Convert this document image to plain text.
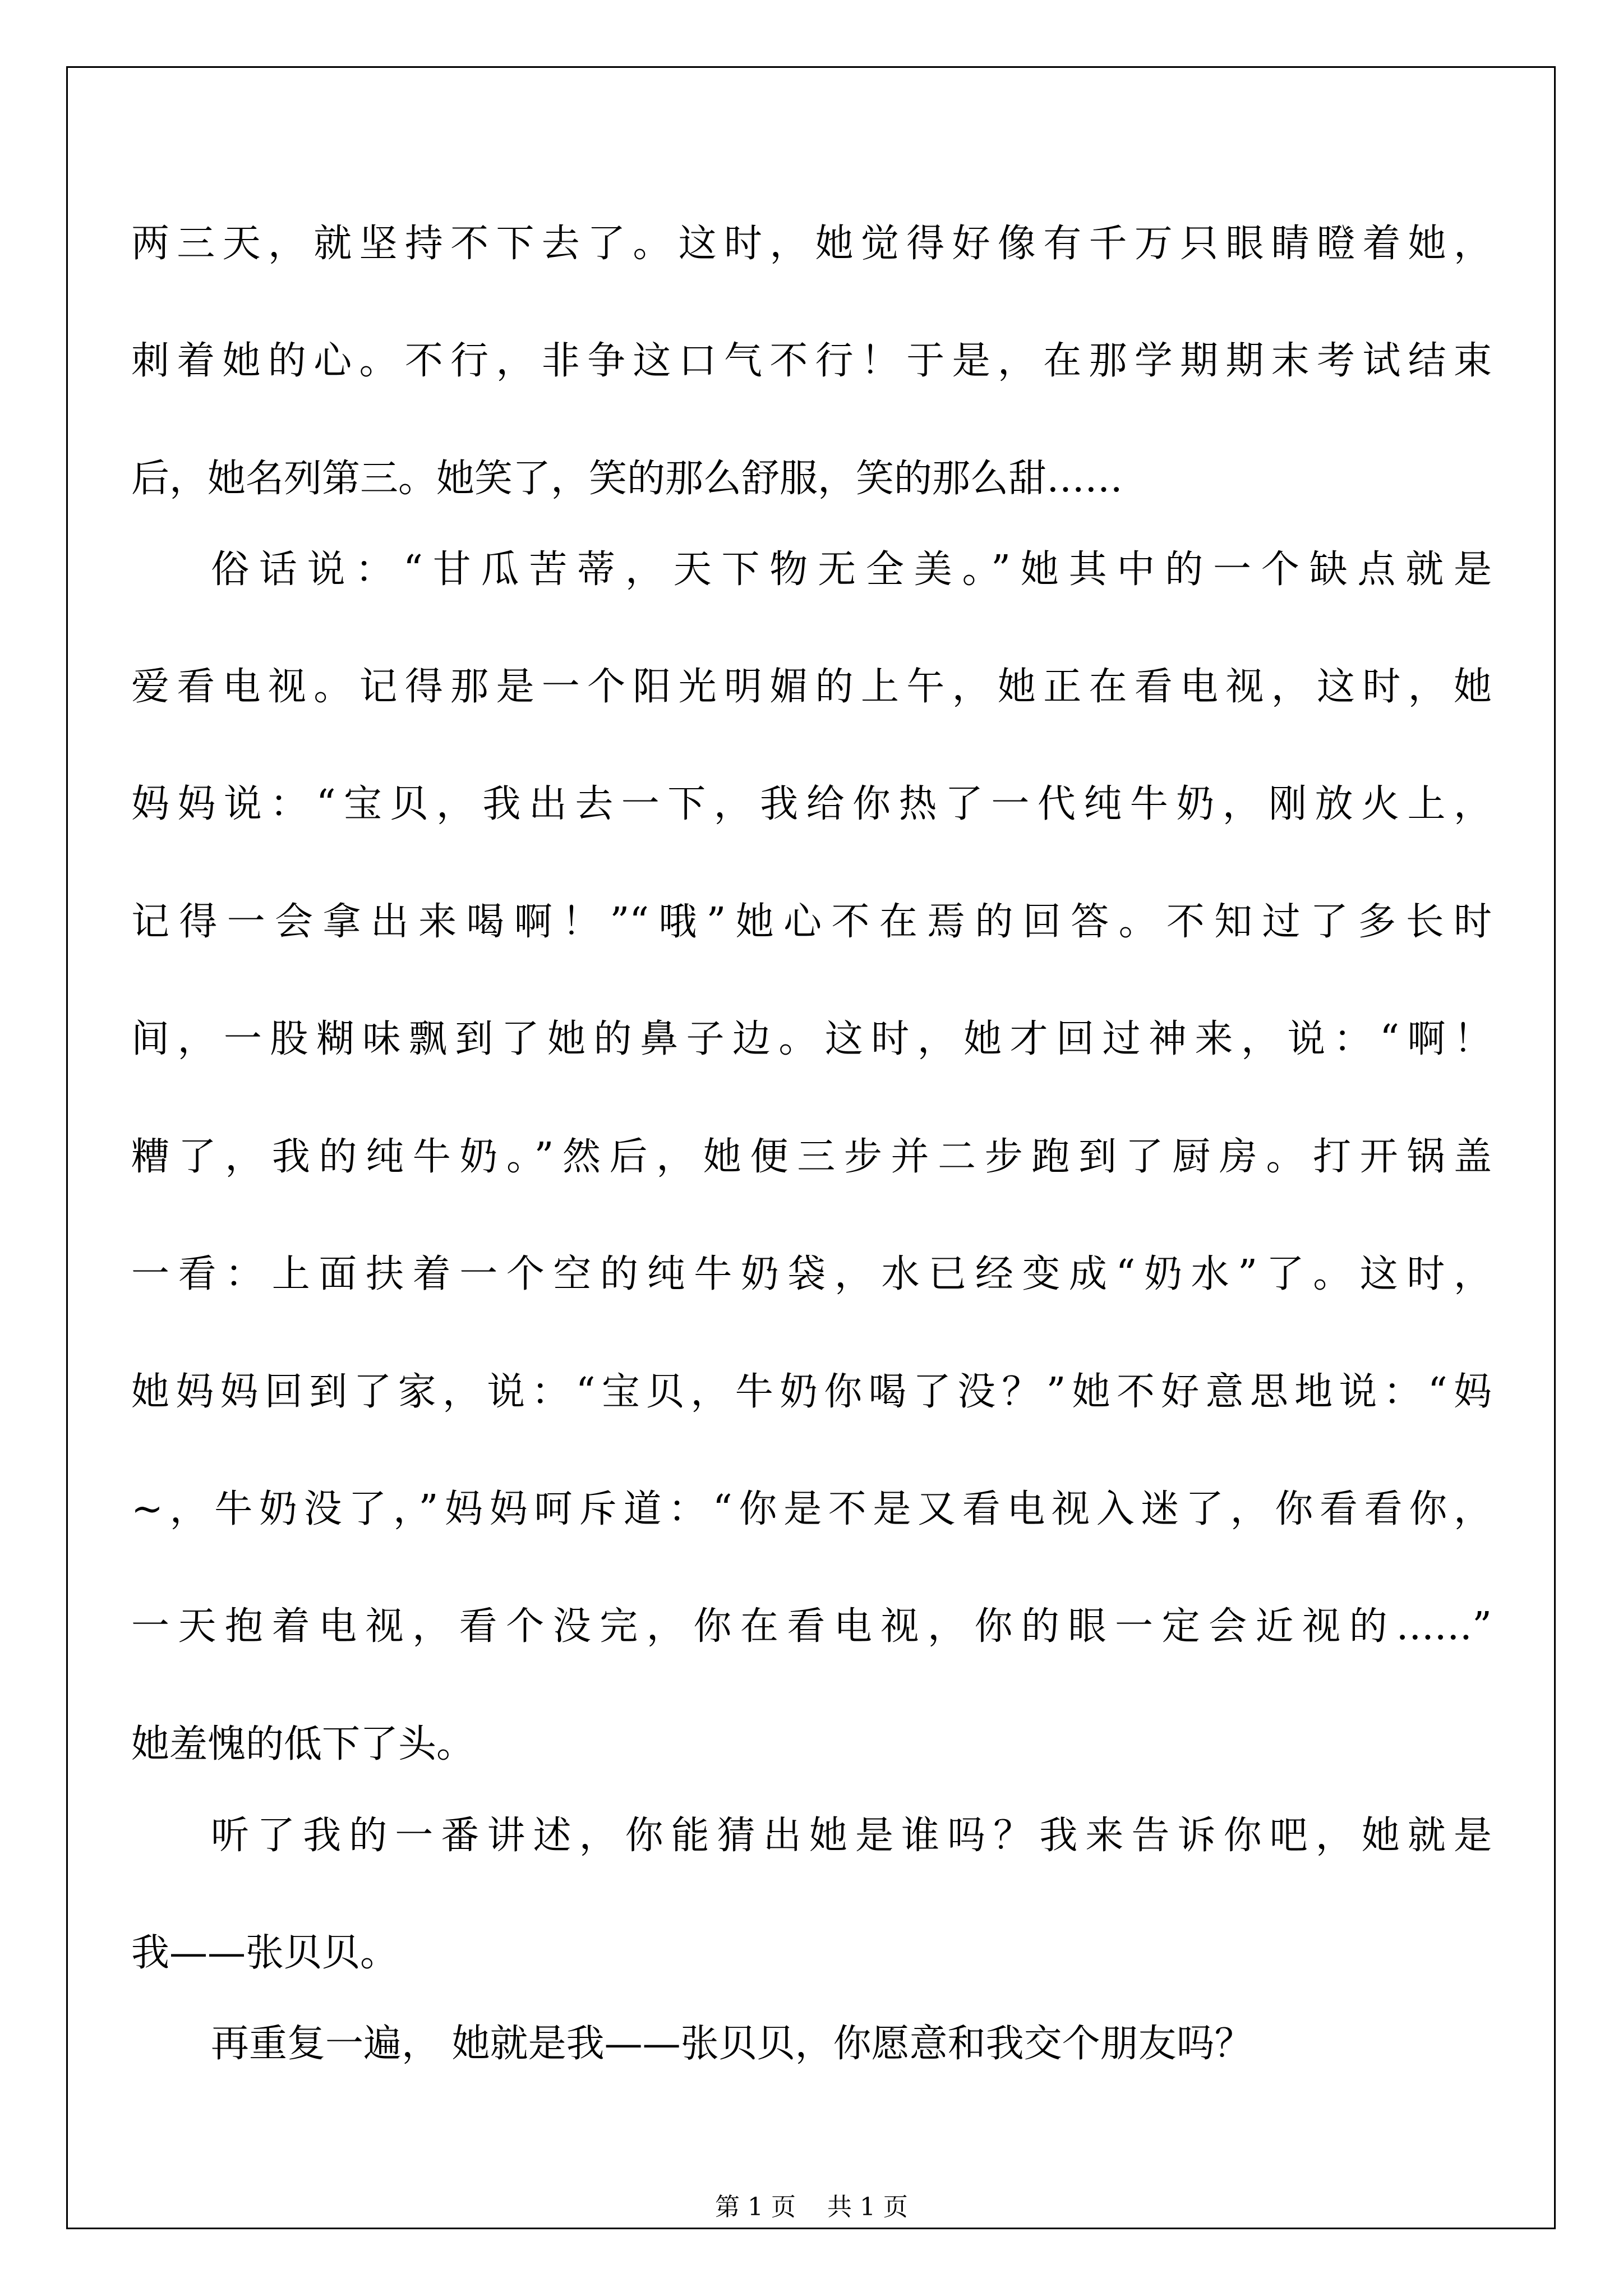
两三天，就坚持不下去了。这时，她觉得好像有千万只眼睛瞪着她，
刺着她的心。不行，非争这口气不行！于是，在那学期期末考试结束
后，她名列第三。她笑了，笑的那么舒服，笑的那么甜……
俗话说：“甘瓜苦蒂，天下物无全美。”她其中的一个缺点就是
爱看电视。记得那是一个阳光明媚的上午，她正在看电视，这时，她
妈妈说：“宝贝，我出去一下，我给你热了一代纯牛奶，刚放火上，
记得一会拿出来喝啊！”“哦”她心不在焉的回答。不知过了多长时
间，一股糊味飘到了她的鼻子边。这时，她才回过神来，说：“啊！
糟了，我的纯牛奶。”然后，她便三步并二步跑到了厨房。打开锅盖
一看：上面扶着一个空的纯牛奶袋，水已经变成“奶水”了。这时，
她妈妈回到了家，说：“宝贝，牛奶你喝了没？”她不好意思地说：“妈
~，牛奶没了，”妈妈呵斥道：“你是不是又看电视入迷了，你看看你，
一天抱着电视，看个没完，你在看电视，你的眼一定会近视的……”
她羞愧的低下了头。
听了我的一番讲述，你能猜出她是谁吗？我来告诉你吧，她就是
我——张贝贝。
再重复一遍， 她就是我——张贝贝，你愿意和我交个朋友吗？
第 1 页    共 1 页
